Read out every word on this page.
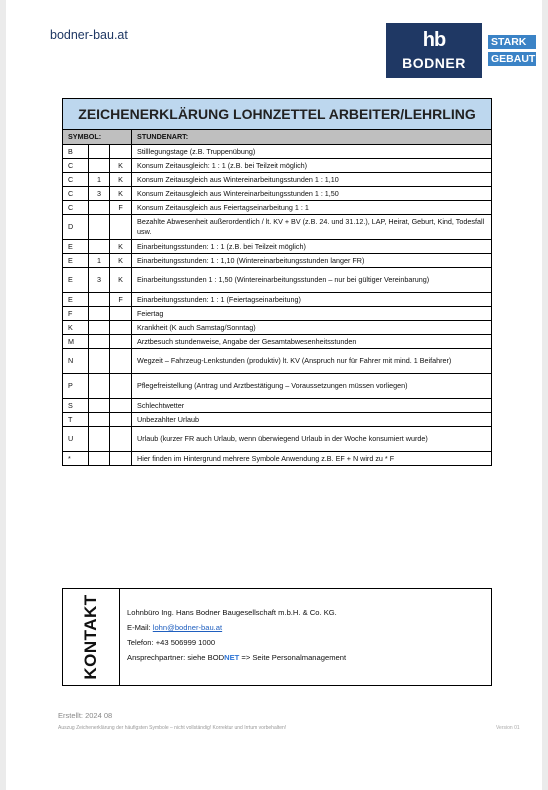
bodner-bau.at	hb
BODNER
STARK
GEBAUT
ZEICHENERKLÄRUNG LOHNZETTEL ARBEITER/LEHRLING
SYMBOL:			STUNDENART:
B			Stilllegungstage (z.B. Truppenübung)
C		K	Konsum Zeitausgleich: 1 : 1 (z.B. bei Teilzeit möglich)
C	1	K	Konsum Zeitausgleich aus Wintereinarbeitungsstunden 1 : 1,10
C	3	K	Konsum Zeitausgleich aus Wintereinarbeitungsstunden 1 : 1,50
C		F	Konsum Zeitausgleich aus Feiertagseinarbeitung 1 : 1
D			Bezahlte Abwesenheit außerordentlich / lt. KV + BV (z.B. 24. und 31.12.), LAP, Heirat, Geburt, Kind, Todesfall usw.
E		K	Einarbeitungsstunden: 1 : 1 (z.B. bei Teilzeit möglich)
E	1	K	Einarbeitungsstunden: 1 : 1,10 (Wintereinarbeitungsstunden langer FR)
E	3	K	Einarbeitungsstunden 1 : 1,50 (Wintereinarbeitungsstunden – nur bei gültiger Vereinbarung)
E		F	Einarbeitungsstunden: 1 : 1 (Feiertagseinarbeitung)
F			Feiertag
K			Krankheit (K auch Samstag/Sonntag)
M			Arztbesuch stundenweise, Angabe der Gesamtabwesenheitsstunden
N			Wegzeit – Fahrzeug-Lenkstunden (produktiv) lt. KV (Anspruch nur für Fahrer mit mind. 1 Beifahrer)
P			Pflegefreistellung (Antrag und Arztbestätigung – Voraussetzungen müssen vorliegen)
S			Schlechtwetter
T			Unbezahlter Urlaub
U			Urlaub (kurzer FR auch Urlaub, wenn überwiegend Urlaub in der Woche konsumiert wurde)
*			Hier finden im Hintergrund mehrere Symbole Anwendung z.B. EF + N wird zu * F
KONTAKT	Lohnbüro Ing. Hans Bodner Baugesellschaft m.b.H. & Co. KG.
E-Mail: lohn@bodner-bau.at
Telefon: +43 506999 1000
Ansprechpartner: siehe BODNET => Seite Personalmanagement
Erstellt: 2024 08
Auszug Zeichenerklärung der häufigsten Symbole – nicht vollständig! Korrektur und Irrtum vorbehalten!	Version 01
